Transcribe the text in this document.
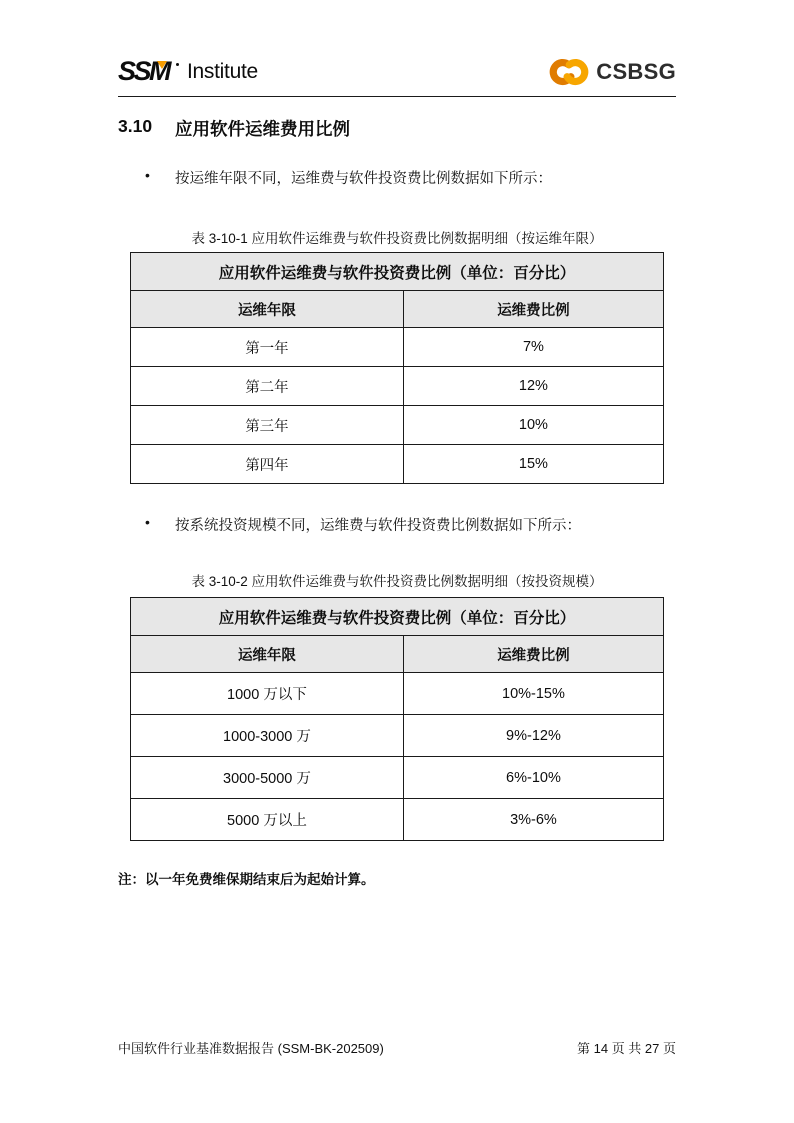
SSM Institute	CSBSG
3.10	应用软件运维费用比例
•	按运维年限不同，运维费与软件投资费比例数据如下所示：
表 3-10-1 应用软件运维费与软件投资费比例数据明细（按运维年限）
应用软件运维费与软件投资费比例（单位：百分比）	
运维年限	运维费比例
第一年	7%
第二年	12%
第三年	10%
第四年	15%
•	按系统投资规模不同，运维费与软件投资费比例数据如下所示：
表 3-10-2 应用软件运维费与软件投资费比例数据明细（按投资规模）
应用软件运维费与软件投资费比例（单位：百分比）	
运维年限	运维费比例
1000 万以下	10%-15%
1000-3000 万	9%-12%
3000-5000 万	6%-10%
5000 万以上	3%-6%
注：以一年免费维保期结束后为起始计算。
中国软件行业基准数据报告 (SSM-BK-202509)	第 14 页 共 27 页
